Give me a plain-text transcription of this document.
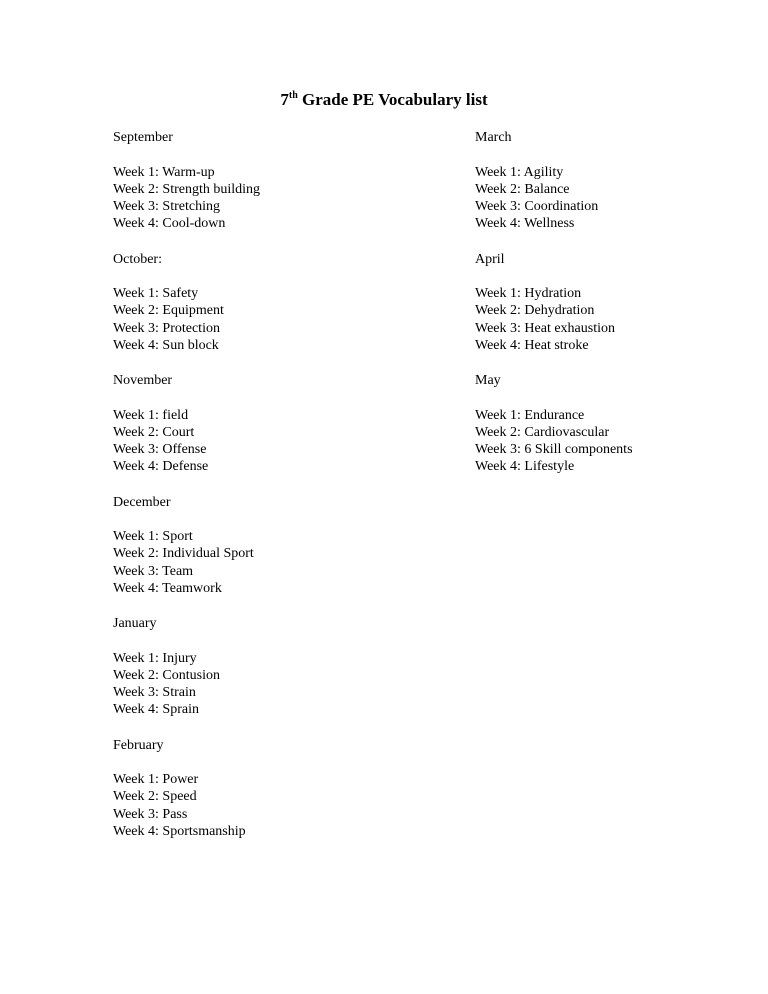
7th Grade PE Vocabulary list
September
Week 1: Warm-up
Week 2: Strength building
Week 3: Stretching
Week 4: Cool-down
October:
Week 1: Safety
Week 2: Equipment
Week 3: Protection
Week 4: Sun block
November
Week 1: field
Week 2: Court
Week 3: Offense
Week 4: Defense
December
Week 1: Sport
Week 2: Individual Sport
Week 3: Team
Week 4: Teamwork
January
Week 1: Injury
Week 2: Contusion
Week 3: Strain
Week 4: Sprain
February
Week 1: Power
Week 2: Speed
Week 3: Pass
Week 4: Sportsmanship
March
Week 1: Agility
Week 2: Balance
Week 3: Coordination
Week 4: Wellness
April
Week 1: Hydration
Week 2: Dehydration
Week 3: Heat exhaustion
Week 4: Heat stroke
May
Week 1: Endurance
Week 2: Cardiovascular
Week 3: 6 Skill components
Week 4: Lifestyle
